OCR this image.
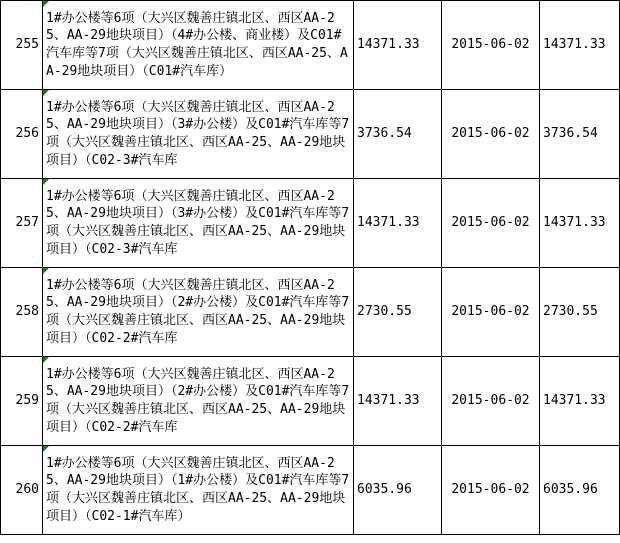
255	1#办公楼等6项（大兴区魏善庄镇北区、西区AA-25、AA-29地块项目）（4#办公楼、商业楼）及C01#汽车库等7项（大兴区魏善庄镇北区、西区AA-25、AA-29地块项目）（C01#汽车库）	14371.33	2015-06-02	14371.33
256	1#办公楼等6项（大兴区魏善庄镇北区、西区AA-25、AA-29地块项目）（3#办公楼）及C01#汽车库等7项（大兴区魏善庄镇北区、西区AA-25、AA-29地块项目）（C02-3#汽车库	3736.54	2015-06-02	3736.54
257	1#办公楼等6项（大兴区魏善庄镇北区、西区AA-25、AA-29地块项目）（3#办公楼）及C01#汽车库等7项（大兴区魏善庄镇北区、西区AA-25、AA-29地块项目）（C02-3#汽车库	14371.33	2015-06-02	14371.33
258	1#办公楼等6项（大兴区魏善庄镇北区、西区AA-25、AA-29地块项目）（2#办公楼）及C01#汽车库等7项（大兴区魏善庄镇北区、西区AA-25、AA-29地块项目）（C02-2#汽车库	2730.55	2015-06-02	2730.55
259	1#办公楼等6项（大兴区魏善庄镇北区、西区AA-25、AA-29地块项目）（2#办公楼）及C01#汽车库等7项（大兴区魏善庄镇北区、西区AA-25、AA-29地块项目）（C02-2#汽车库	14371.33	2015-06-02	14371.33
260	1#办公楼等6项（大兴区魏善庄镇北区、西区AA-25、AA-29地块项目）（1#办公楼）及C01#汽车库等7项（大兴区魏善庄镇北区、西区AA-25、AA-29地块项目）（C02-1#汽车库）	6035.96	2015-06-02	6035.96
